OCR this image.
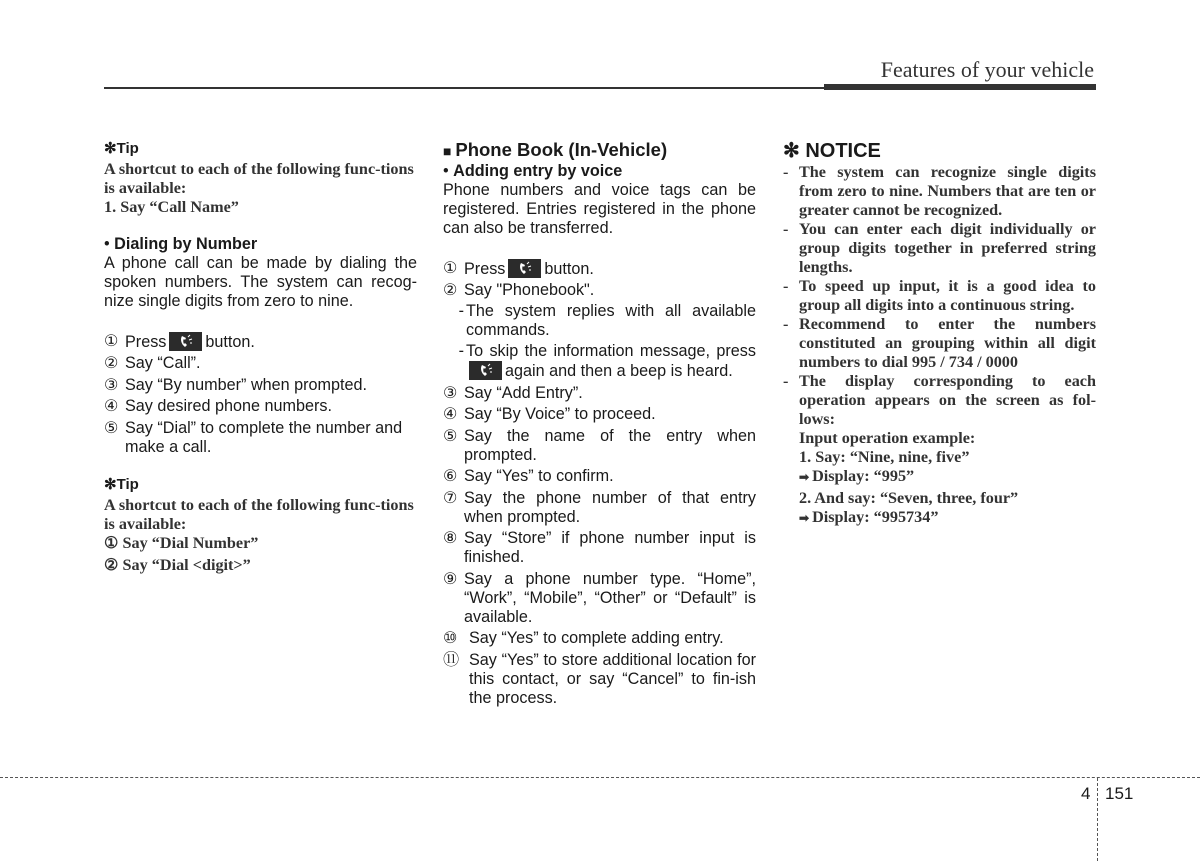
Features of your vehicle
✻Tip
A shortcut to each of the following func-tions is available:
1. Say “Call Name”
• Dialing by Number
A phone call can be made by dialing the spoken numbers. The system can recog-nize single digits from zero to nine.
① Press button.
② Say “Call”.
③ Say “By number” when prompted.
④ Say desired phone numbers.
⑤ Say “Dial” to complete the number and make a call.
✻Tip
A shortcut to each of the following func-tions is available:
① Say “Dial Number”
② Say “Dial <digit>”
■ Phone Book (In-Vehicle)
• Adding entry by voice
Phone numbers and voice tags can be registered. Entries registered in the phone can also be transferred.
① Press button.
② Say "Phonebook".
- The system replies with all available commands.
- To skip the information message, press
again and then a beep is heard.
③ Say “Add Entry”.
④ Say “By Voice” to proceed.
⑤ Say the name of the entry when prompted.
⑥ Say “Yes” to confirm.
⑦ Say the phone number of that entry when prompted.
⑧ Say “Store” if phone number input is finished.
⑨ Say a phone number type. “Home”, “Work”, “Mobile”, “Other” or “Default” is available.
⑩ Say “Yes” to complete adding entry.
⑪ Say “Yes” to store additional location for this contact, or say “Cancel” to fin-ish the process.
✻ NOTICE
- The system can recognize single digits from zero to nine. Numbers that are ten or greater cannot be recognized.
- You can enter each digit individually or group digits together in preferred string lengths.
- To speed up input, it is a good idea to group all digits into a continuous string.
- Recommend to enter the numbers constituted an grouping within all digit numbers to dial 995 / 734 / 0000
- The display corresponding to each operation appears on the screen as fol-lows:
Input operation example:
1. Say: “Nine, nine, five”
➡ Display: “995”
2. And say: “Seven, three, four”
➡ Display: “995734”
4 151
